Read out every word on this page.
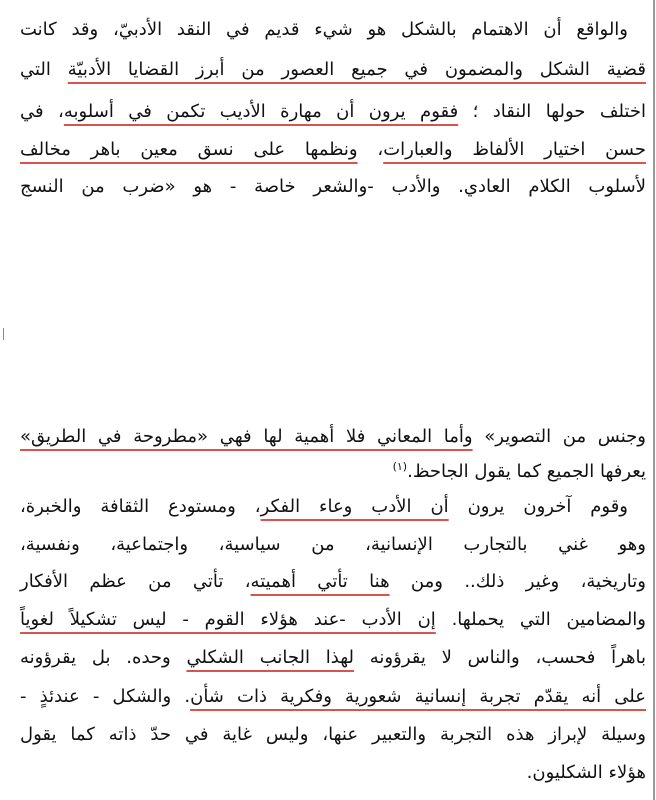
والواقع أن الاهتمام بالشكل هو شيء قديم في النقد الأدبيّ، وقد كانت
قضية الشكل والمضمون في جميع العصور من أبرز القضايا الأدبيّة التي
اختلف حولها النقاد ؛ فقوم يرون أن مهارة الأديب تكمن في أسلوبه، في
حسن اختيار الألفاظ والعبارات، ونظمها على نسق معين باهر مخالف
لأسلوب الكلام العادي. والأدب -والشعر خاصة - هو «ضرب من النسج
وجنس من التصوير» وأما المعاني فلا أهمية لها فهي «مطروحة في الطريق»
يعرفها الجميع كما يقول الجاحظ.$^{(١)}$
وقوم آخرون يرون أن الأدب وعاء الفكر، ومستودع الثقافة والخبرة،
وهو غني بالتجارب الإنسانية، من سياسية، واجتماعية، ونفسية،
وتاريخية، وغير ذلك.. ومن هنا تأتي أهميته، تأتي من عظم الأفكار
والمضامين التي يحملها. إن الأدب -عند هؤلاء القوم - ليس تشكيلاً لغوياً
باهراً فحسب، والناس لا يقرؤونه لهذا الجانب الشكلي وحده. بل يقرؤونه
على أنه يقدّم تجربة إنسانية شعورية وفكرية ذات شأن. والشكل - عندئذٍ -
وسيلة لإبراز هذه التجربة والتعبير عنها، وليس غاية في حدّ ذاته كما يقول
هؤلاء الشكليون.
